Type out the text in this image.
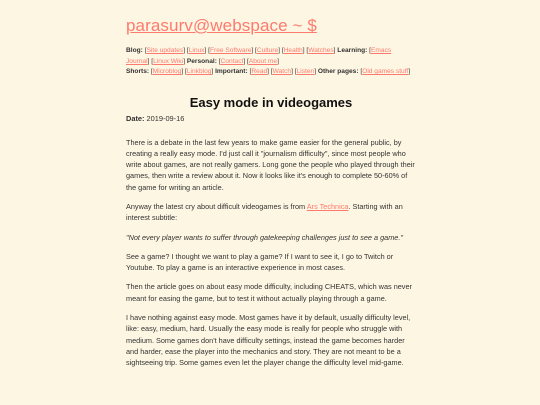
parasurv@webspace ~ $
Blog: [Site updates] [Linux] [Free Software] [Culture] [Health] [Watches] Learning: [Emacs Journal] [Linux Wiki] Personal: [Contact] [About me]
Shorts: [Microblog] [Linkblog] Important: [Read] [Watch] [Listen] Other pages: [Old games stuff]
Easy mode in videogames
Date: 2019-09-16

There is a debate in the last few years to make game easier for the general public, by creating a really easy mode. I'd just call it "journalism difficulty", since most people who write about games, are not really gamers. Long gone the people who played through their games, then write a review about it. Now it looks like it's enough to complete 50-60% of the game for writing an article.

Anyway the latest cry about difficult videogames is from Ars Technica. Starting with an interest subtitle:

"Not every player wants to suffer through gatekeeping challenges just to see a game."

See a game? I thought we want to play a game? If I want to see it, I go to Twitch or Youtube. To play a game is an interactive experience in most cases.

Then the article goes on about easy mode difficulty, including CHEATS, which was never meant for easing the game, but to test it without actually playing through a game.

I have nothing against easy mode. Most games have it by default, usually difficulty level, like: easy, medium, hard. Usually the easy mode is really for people who struggle with medium. Some games don't have difficulty settings, instead the game becomes harder and harder, ease the player into the mechanics and story. They are not meant to be a sightseeing trip. Some games even let the player change the difficulty level mid-game.
